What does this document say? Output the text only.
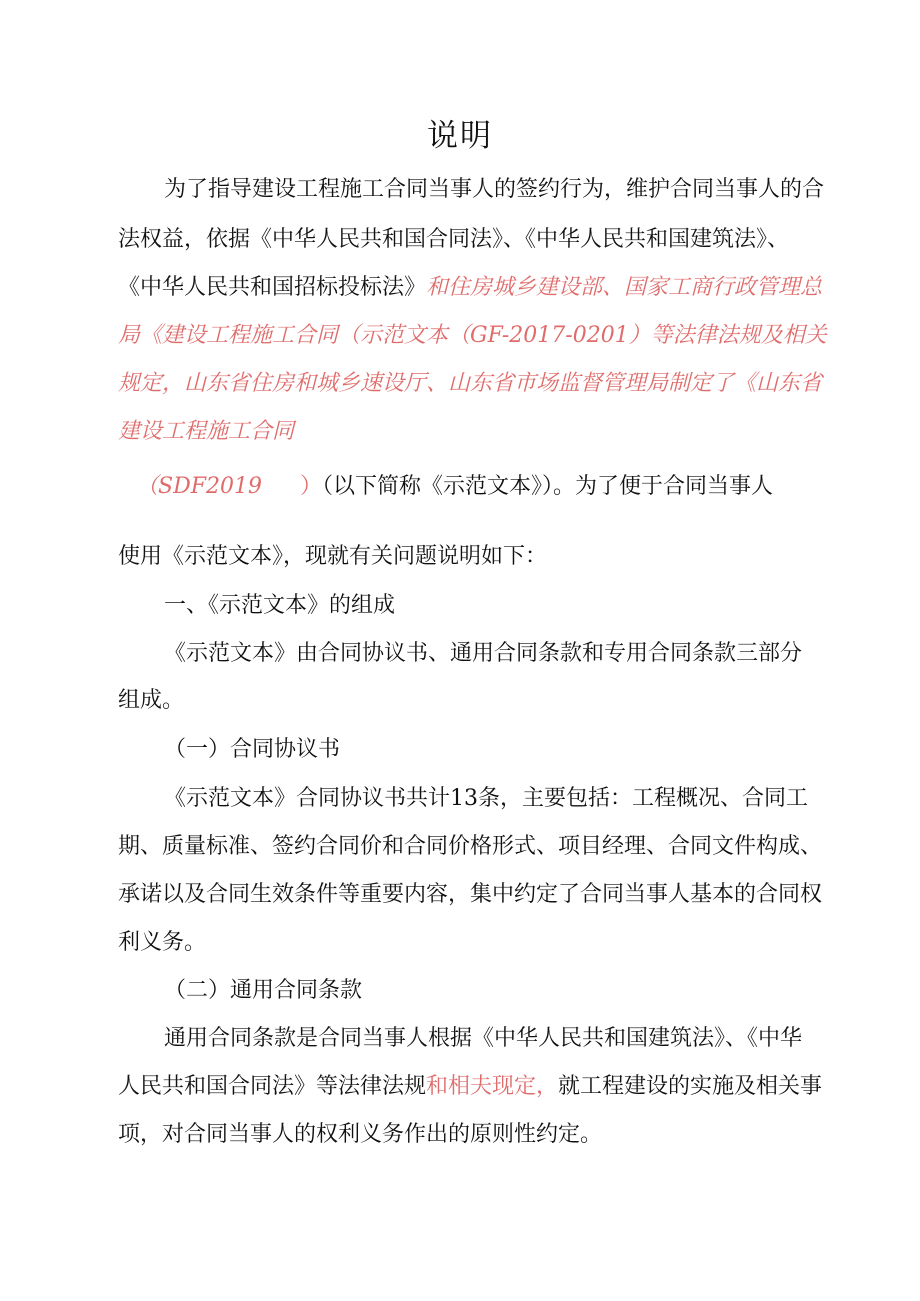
说明
为了指导建设工程施工合同当事人的签约行为，维护合同当事人的合
法权益，依据《中华人民共和国合同法》、《中华人民共和国建筑法》、
《中华人民共和国招标投标法》和住房城乡建设部、国家工商行政管理总
局《建设工程施工合同（示范文本（GF-2017-0201）等法律法规及相关
规定，山东省住房和城乡速设厅、山东省市场监督管理局制定了《山东省
建设工程施工合同
（SDF2019 ）（以下简称《示范文本》）。为了便于合同当事人
使用《示范文本》，现就有关问题说明如下：
一、《示范文本》的组成
《示范文本》由合同协议书、通用合同条款和专用合同条款三部分
组成。
（一）合同协议书
《示范文本》合同协议书共计13条，主要包括：工程概况、合同工
期、质量标准、签约合同价和合同价格形式、项目经理、合同文件构成、
承诺以及合同生效条件等重要内容，集中约定了合同当事人基本的合同权
利义务。
（二）通用合同条款
通用合同条款是合同当事人根据《中华人民共和国建筑法》、《中华
人民共和国合同法》等法律法规和相夫现定，就工程建设的实施及相关事
项，对合同当事人的权利义务作出的原则性约定。
